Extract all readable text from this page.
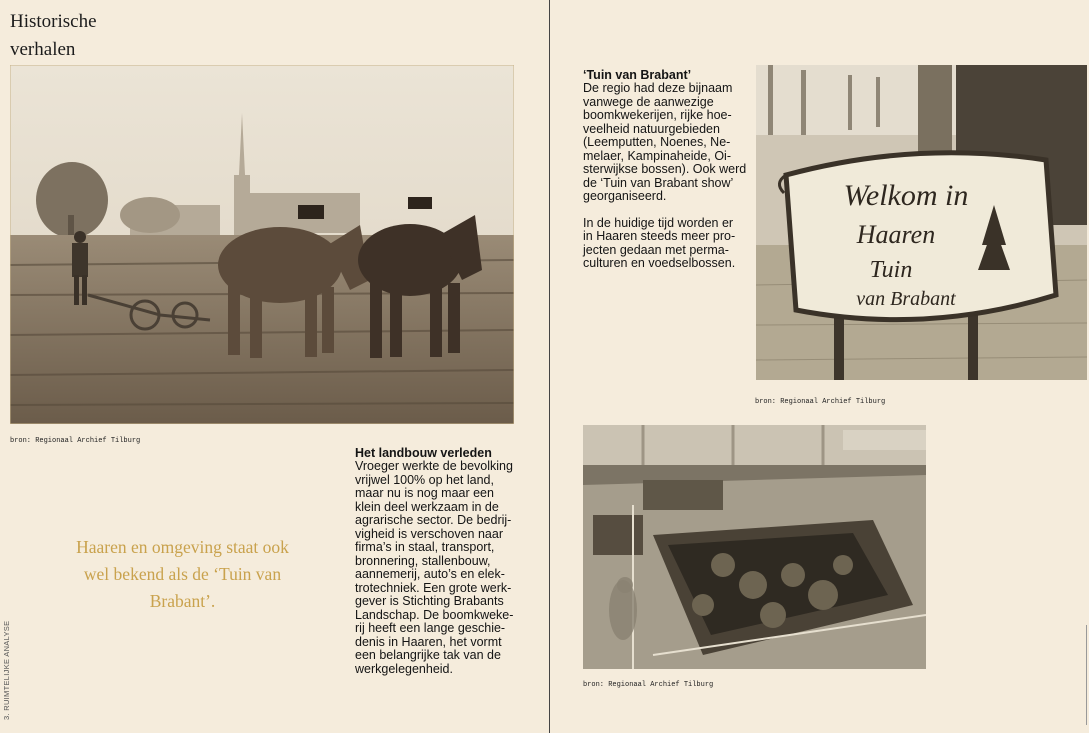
Historische
verhalen
bron: Regionaal Archief Tilburg
Haaren en omgeving staat ook
wel bekend als de ‘Tuin van
Brabant’.
3. RUIMTELIJKE ANALYSE
Het landbouw verleden
Vroeger werkte de bevolking
vrijwel 100% op het land,
maar nu is nog maar een
klein deel werkzaam in de
agrarische sector. De bedrij-
vigheid is verschoven naar
firma’s in staal, transport,
bronnering, stallenbouw,
aannemerij, auto’s en elek-
trotechniek. Een grote werk-
gever is Stichting Brabants
Landschap. De boomkweke-
rij heeft een lange geschie-
denis in Haaren, het vormt
een belangrijke tak van de
werkgelegenheid.
‘Tuin van Brabant’
De regio had deze bijnaam
vanwege de aanwezige
boomkwekerijen, rijke hoe-
veelheid natuurgebieden
(Leemputten, Noenes, Ne-
melaer, Kampinaheide, Oi-
sterwijkse bossen). Ook werd
de ‘Tuin van Brabant show’
georganiseerd.
In de huidige tijd worden er
in Haaren steeds meer pro-
jecten gedaan met perma-
culturen en voedselbossen.
Welkom in
Haaren
Tuin
van Brabant
bron: Regionaal Archief Tilburg
bron: Regionaal Archief Tilburg
